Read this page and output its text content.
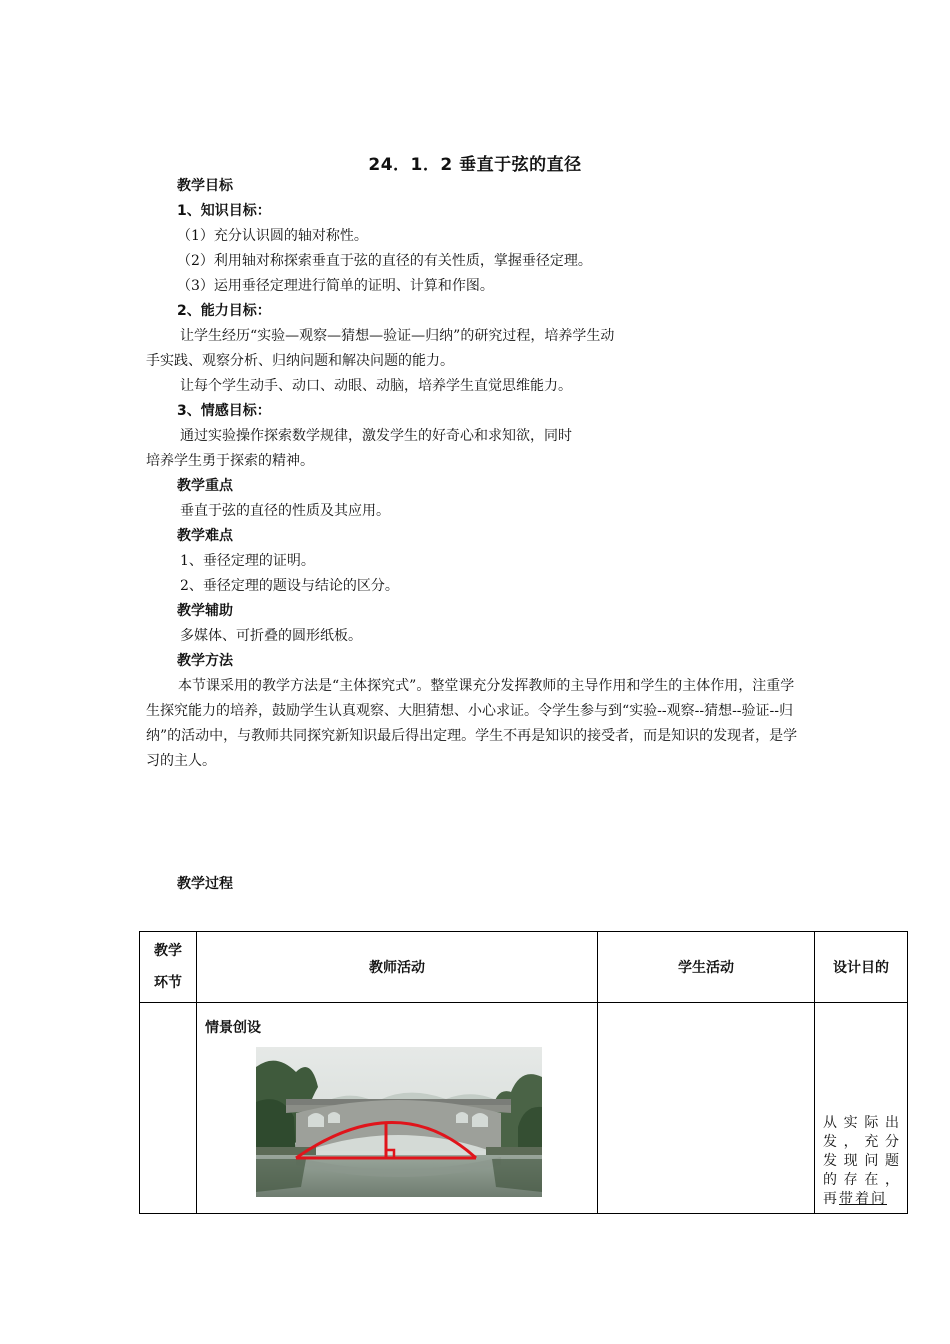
24．1．2 垂直于弦的直径
教学目标
1、知识目标：
（1）充分认识圆的轴对称性。
（2）利用轴对称探索垂直于弦的直径的有关性质，掌握垂径定理。
（3）运用垂径定理进行简单的证明、计算和作图。
2、能力目标：
让学生经历“实验—观察—猜想—验证—归纳”的研究过程，培养学生动
手实践、观察分析、归纳问题和解决问题的能力。
让每个学生动手、动口、动眼、动脑，培养学生直觉思维能力。
3、情感目标：
通过实验操作探索数学规律，激发学生的好奇心和求知欲，同时
培养学生勇于探索的精神。
教学重点
垂直于弦的直径的性质及其应用。
教学难点
1、垂径定理的证明。
2、垂径定理的题设与结论的区分。
教学辅助
多媒体、可折叠的圆形纸板。
教学方法
本节课采用的教学方法是“主体探究式”。整堂课充分发挥教师的主导作用和学生的主体作用，注重学生探究能力的培养，鼓励学生认真观察、大胆猜想、小心求证。令学生参与到“实验--观察--猜想--验证--归纳”的活动中，与教师共同探究新知识最后得出定理。学生不再是知识的接受者，而是知识的发现者，是学习的主人。
教学过程
教学
环节	教师活动	学生活动	设计目的

	情景创设		从实际出发，充分发现问题的存在，再带着问
